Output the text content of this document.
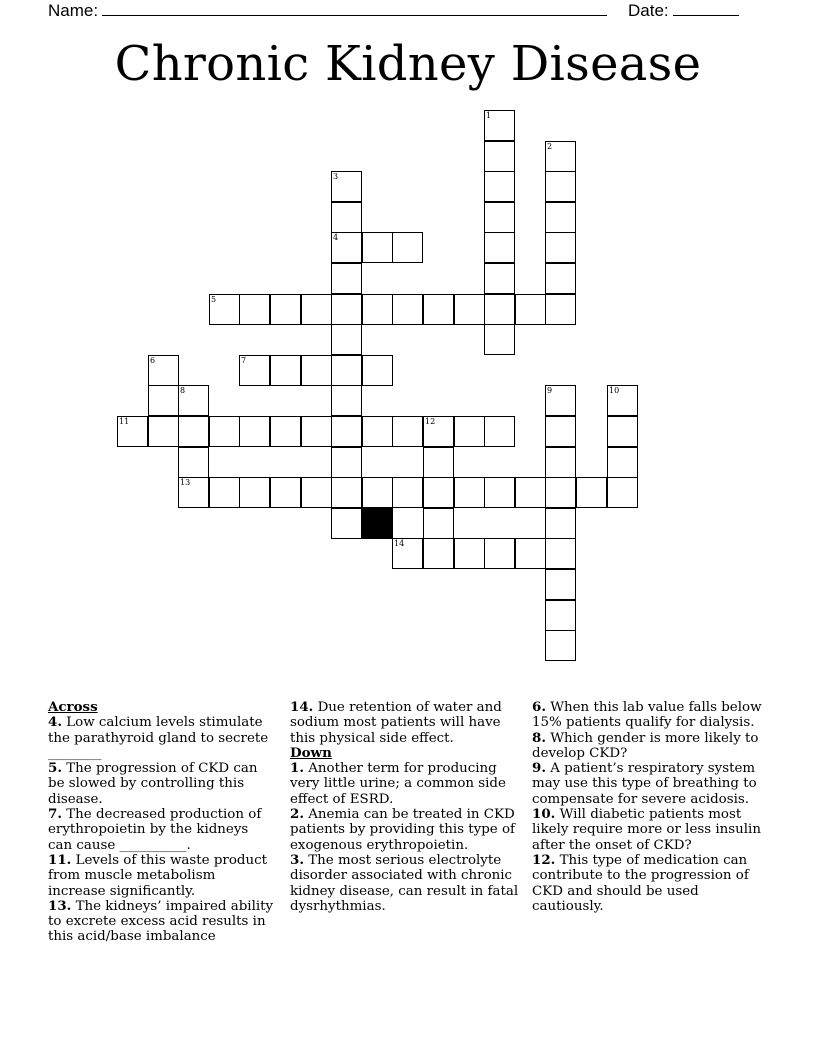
Name:	Date:
Chronic Kidney Disease
1
2
3
4
5
6	7
8
11	12
9	10
13
14
Across

4. Low calcium levels stimulate the parathyroid gland to secrete ________

5. The progression of CKD can be slowed by controlling this disease.

7. The decreased production of erythropoietin by the kidneys can cause __________.

11. Levels of this waste product from muscle metabolism increase significantly.

13. The kidneys’ impaired ability to excrete excess acid results in this acid/base imbalance

14. Due retention of water and sodium most patients will have this physical side effect.

Down

1. Another term for producing very little urine; a common side effect of ESRD.

2. Anemia can be treated in CKD patients by providing this type of exogenous erythropoietin.

3. The most serious electrolyte disorder associated with chronic kidney disease, can result in fatal dysrhythmias.

6. When this lab value falls below 15% patients qualify for dialysis.

8. Which gender is more likely to develop CKD?

9. A patient’s respiratory system may use this type of breathing to compensate for severe acidosis.

10. Will diabetic patients most likely require more or less insulin after the onset of CKD?

12. This type of medication can contribute to the progression of CKD and should be used cautiously.
